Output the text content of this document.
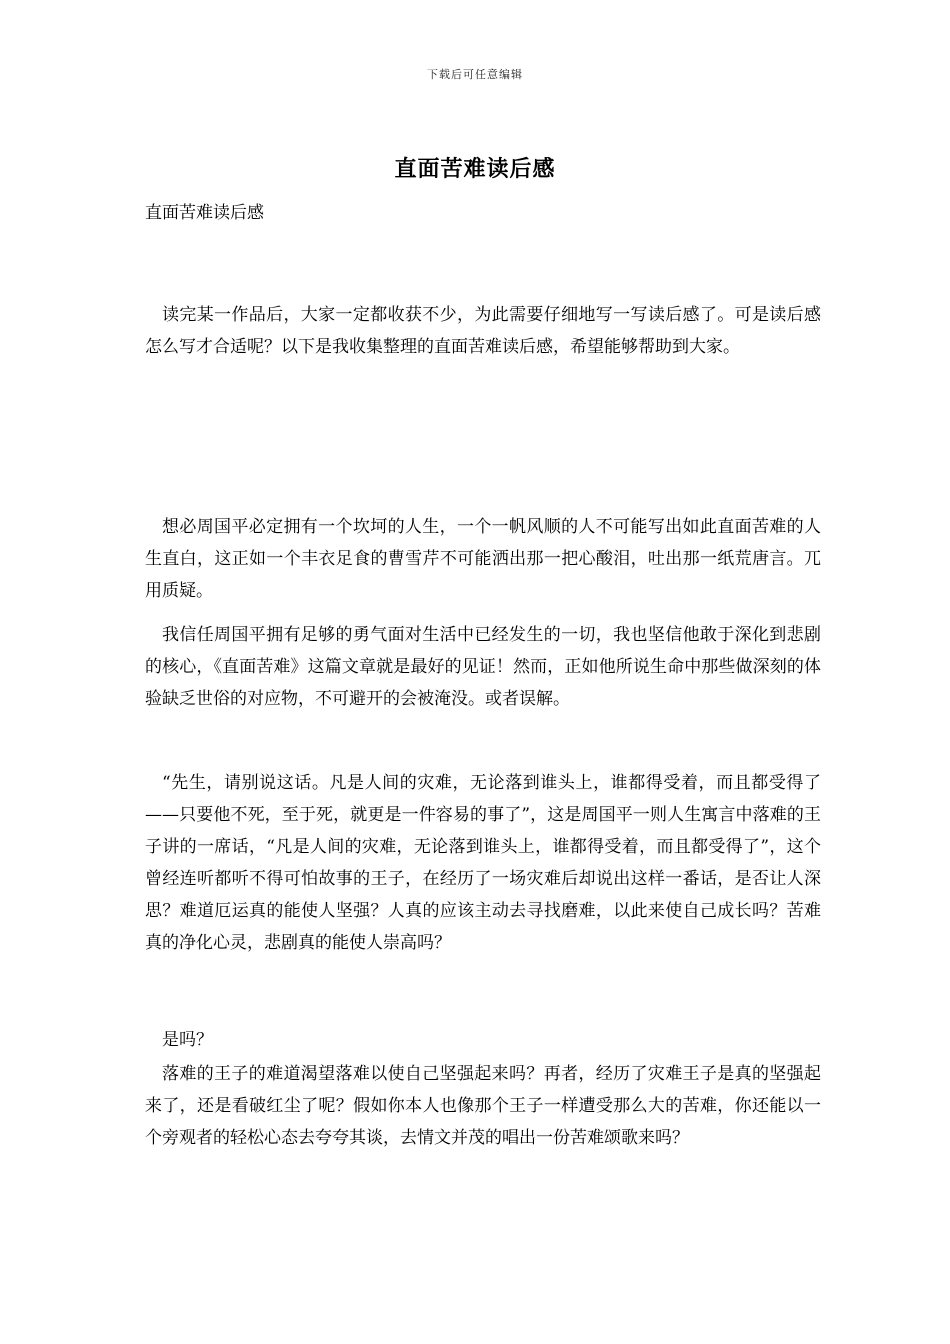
下载后可任意编辑
直面苦难读后感
直面苦难读后感

读完某一作品后，大家一定都收获不少，为此需要仔细地写一写读后感了。可是读后感怎么写才合适呢？以下是我收集整理的直面苦难读后感，希望能够帮助到大家。

想必周国平必定拥有一个坎坷的人生，一个一帆风顺的人不可能写出如此直面苦难的人生直白，这正如一个丰衣足食的曹雪芹不可能洒出那一把心酸泪，吐出那一纸荒唐言。兀用质疑。

我信任周国平拥有足够的勇气面对生活中已经发生的一切，我也坚信他敢于深化到悲剧的核心，《直面苦难》这篇文章就是最好的见证！然而，正如他所说生命中那些做深刻的体验缺乏世俗的对应物，不可避开的会被淹没。或者误解。

“先生，请别说这话。凡是人间的灾难，无论落到谁头上，谁都得受着，而且都受得了——只要他不死，至于死，就更是一件容易的事了”，这是周国平一则人生寓言中落难的王子讲的一席话，“凡是人间的灾难，无论落到谁头上，谁都得受着，而且都受得了”，这个曾经连听都听不得可怕故事的王子，在经历了一场灾难后却说出这样一番话，是否让人深思？难道厄运真的能使人坚强？人真的应该主动去寻找磨难，以此来使自己成长吗？苦难真的净化心灵，悲剧真的能使人崇高吗？

是吗？

落难的王子的难道渴望落难以使自己坚强起来吗？再者，经历了灾难王子是真的坚强起来了，还是看破红尘了呢？假如你本人也像那个王子一样遭受那么大的苦难，你还能以一个旁观者的轻松心态去夸夸其谈，去情文并茂的唱出一份苦难颂歌来吗？
